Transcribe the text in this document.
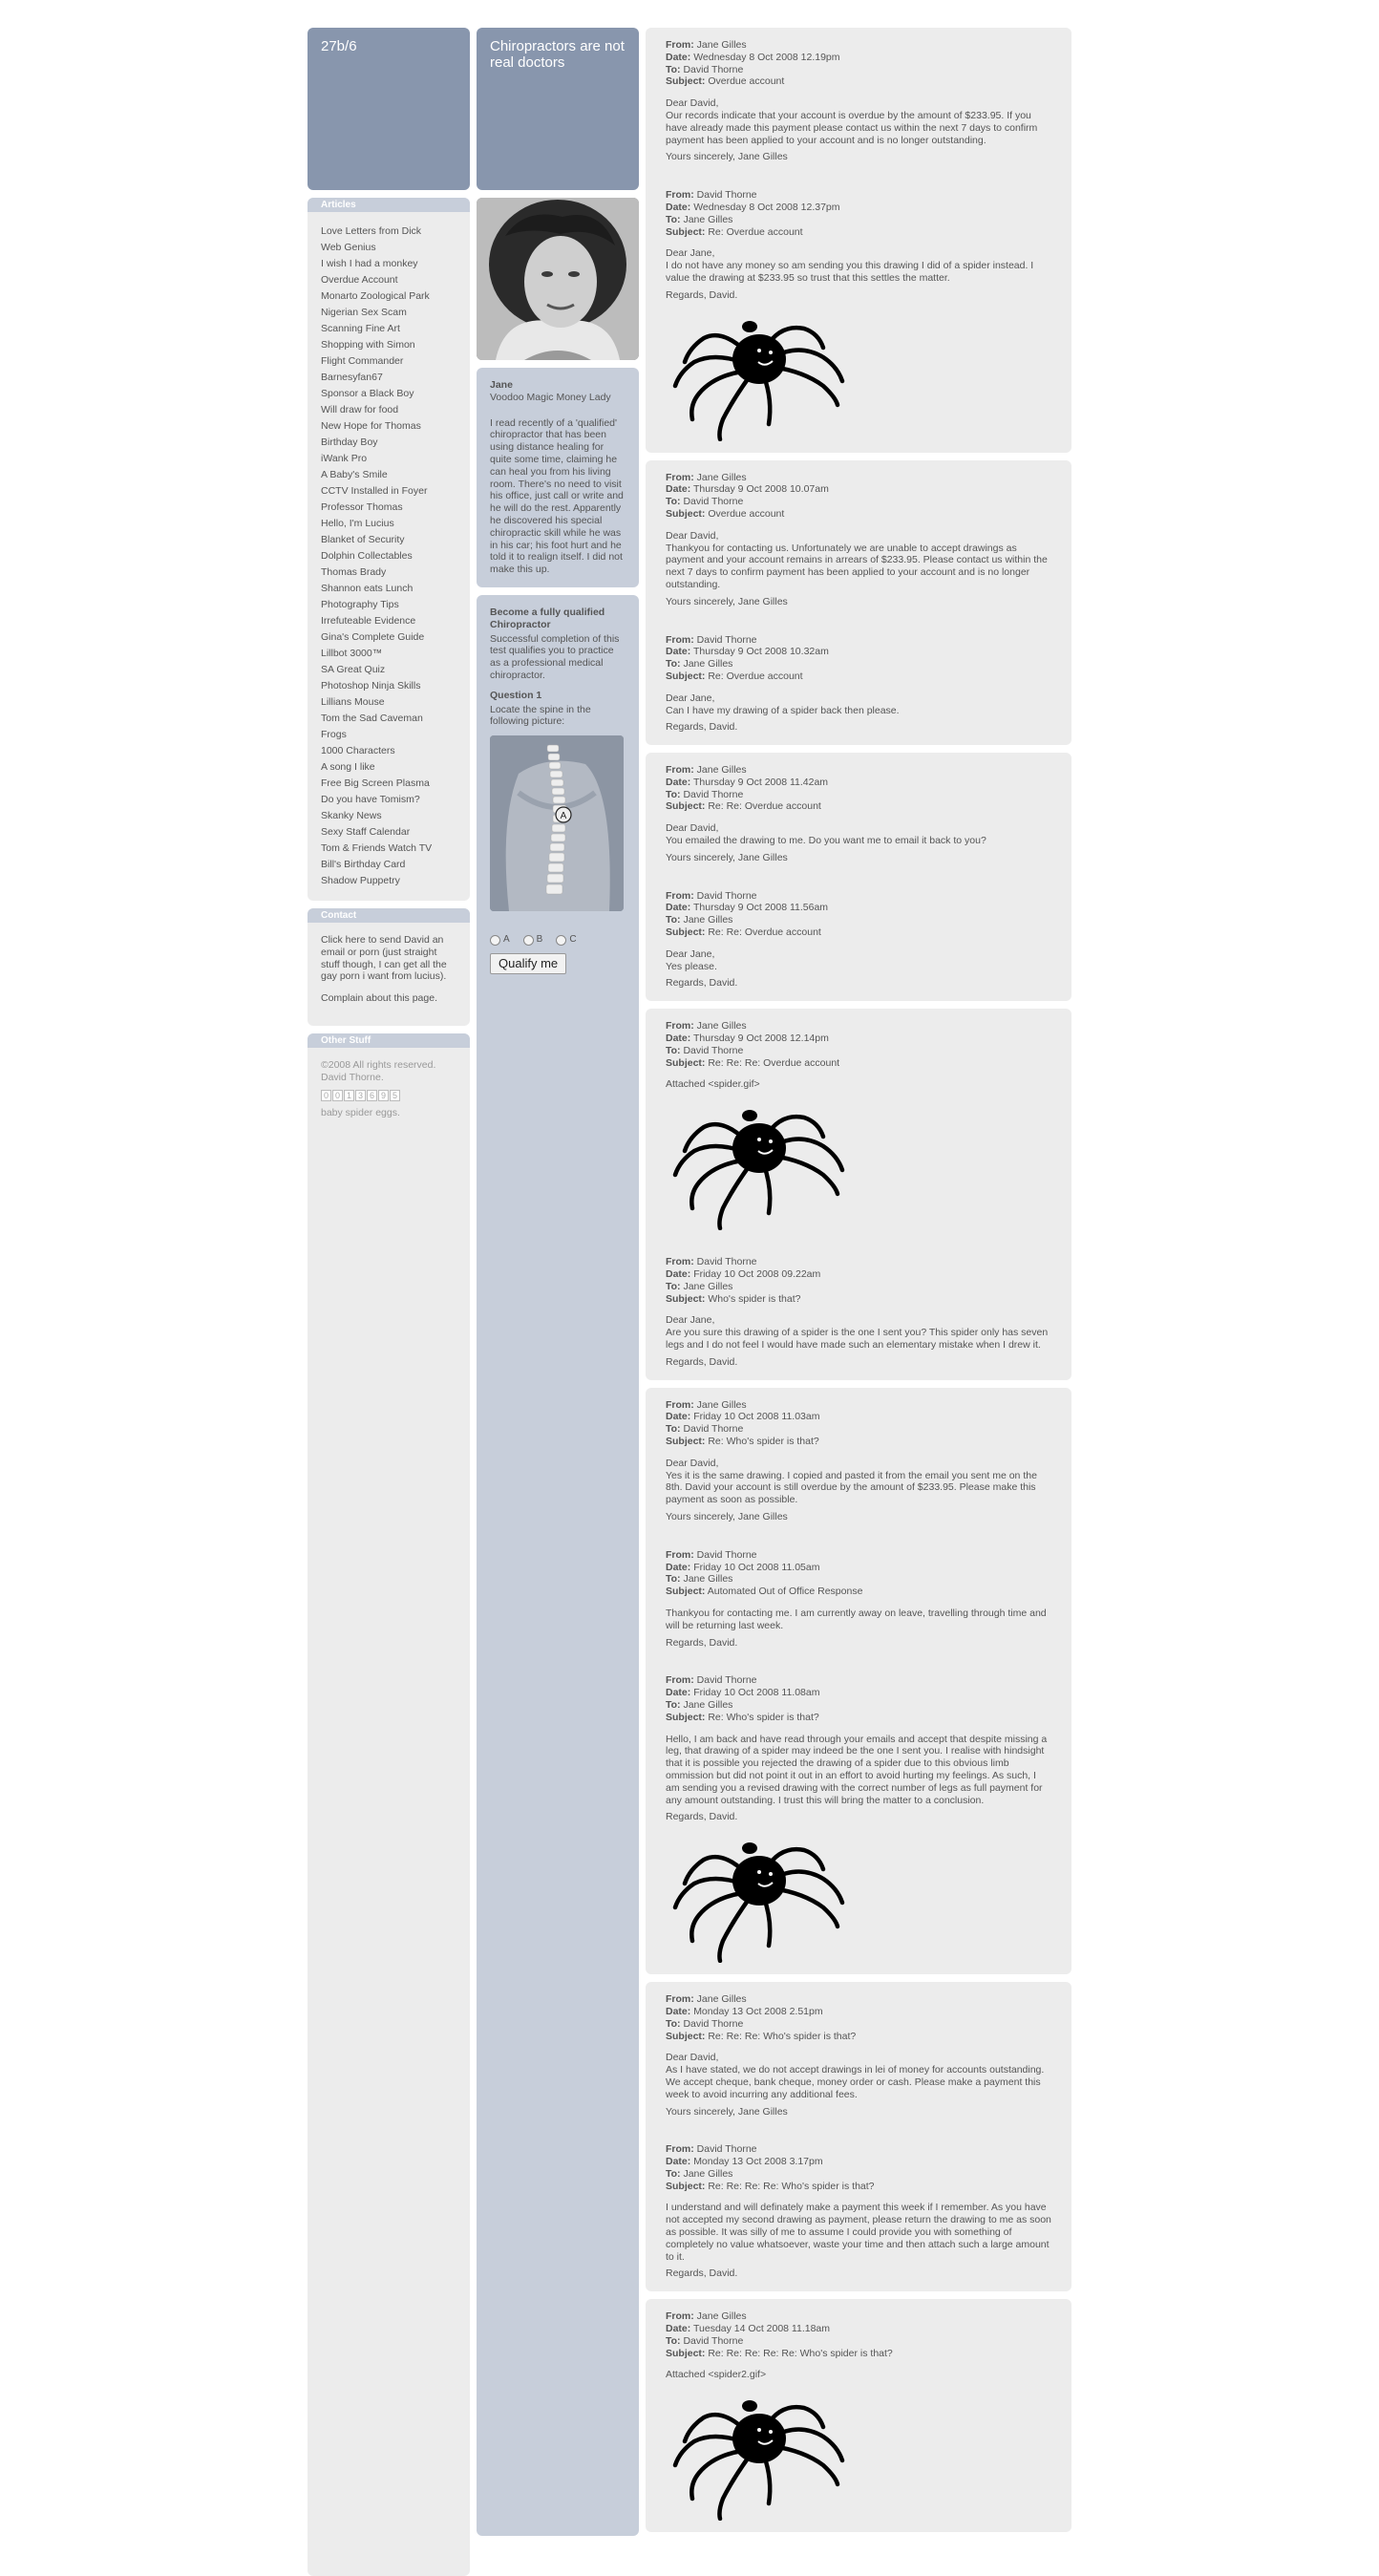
27b/6
Articles
Love Letters from Dick
Web Genius
I wish I had a monkey
Overdue Account
Monarto Zoological Park
Nigerian Sex Scam
Scanning Fine Art
Shopping with Simon
Flight Commander
Barnesyfan67
Sponsor a Black Boy
Will draw for food
New Hope for Thomas
Birthday Boy
iWank Pro
A Baby's Smile
CCTV Installed in Foyer
Professor Thomas
Hello, I'm Lucius
Blanket of Security
Dolphin Collectables
Thomas Brady
Shannon eats Lunch
Photography Tips
Irrefuteable Evidence
Gina's Complete Guide
Lillbot 3000™
SA Great Quiz
Photoshop Ninja Skills
Lillians Mouse
Tom the Sad Caveman
Frogs
1000 Characters
A song I like
Free Big Screen Plasma
Do you have Tomism?
Skanky News
Sexy Staff Calendar
Tom & Friends Watch TV
Bill's Birthday Card
Shadow Puppetry
Contact

Click here to send David an email or porn (just straight stuff though, I can get all the gay porn i want from lucius).

Complain about this page.

Other Stuff
©2008 All rights reserved. David Thorne.
0 0 1 3 6 9 5
baby spider eggs.
Chiropractors are not real doctors
Jane
Voodoo Magic Money Lady

I read recently of a 'qualified' chiropractor that has been using distance healing for quite some time, claiming he can heal you from his living room. There's no need to visit his office, just call or write and he will do the rest. Apparently he discovered his special chiropractic skill while he was in his car; his foot hurt and he told it to realign itself. I did not make this up.

Become a fully qualified Chiropractor

Successful completion of this test qualifies you to practice as a professional medical chiropractor.

Question 1

Locate the spine in the following picture:

A
A	B	C
Qualify me
From: Jane Gilles
Date: Wednesday 8 Oct 2008 12.19pm
To: David Thorne
Subject: Overdue account
Dear David,

Our records indicate that your account is overdue by the amount of $233.95. If you have already made this payment please contact us within the next 7 days to confirm payment has been applied to your account and is no longer outstanding.

Yours sincerely, Jane Gilles
From: David Thorne
Date: Wednesday 8 Oct 2008 12.37pm
To: Jane Gilles
Subject: Re: Overdue account
Dear Jane,

I do not have any money so am sending you this drawing I did of a spider instead. I value the drawing at $233.95 so trust that this settles the matter.

Regards, David.
From: Jane Gilles
Date: Thursday 9 Oct 2008 10.07am
To: David Thorne
Subject: Overdue account
Dear David,

Thankyou for contacting us. Unfortunately we are unable to accept drawings as payment and your account remains in arrears of $233.95. Please contact us within the next 7 days to confirm payment has been applied to your account and is no longer outstanding.

Yours sincerely, Jane Gilles
From: David Thorne
Date: Thursday 9 Oct 2008 10.32am
To: Jane Gilles
Subject: Re: Overdue account
Dear Jane,

Can I have my drawing of a spider back then please.

Regards, David.
From: Jane Gilles
Date: Thursday 9 Oct 2008 11.42am
To: David Thorne
Subject: Re: Re: Overdue account
Dear David,

You emailed the drawing to me. Do you want me to email it back to you?

Yours sincerely, Jane Gilles
From: David Thorne
Date: Thursday 9 Oct 2008 11.56am
To: Jane Gilles
Subject: Re: Re: Overdue account
Dear Jane,

Yes please.

Regards, David.
From: Jane Gilles
Date: Thursday 9 Oct 2008 12.14pm
To: David Thorne
Subject: Re: Re: Re: Overdue account

Attached <spider.gif>

From: David Thorne
Date: Friday 10 Oct 2008 09.22am
To: Jane Gilles
Subject: Who's spider is that?
Dear Jane,

Are you sure this drawing of a spider is the one I sent you? This spider only has seven legs and I do not feel I would have made such an elementary mistake when I drew it.

Regards, David.
From: Jane Gilles
Date: Friday 10 Oct 2008 11.03am
To: David Thorne
Subject: Re: Who's spider is that?
Dear David,

Yes it is the same drawing. I copied and pasted it from the email you sent me on the 8th. David your account is still overdue by the amount of $233.95. Please make this payment as soon as possible.

Yours sincerely, Jane Gilles
From: David Thorne
Date: Friday 10 Oct 2008 11.05am
To: Jane Gilles
Subject: Automated Out of Office Response

Thankyou for contacting me. I am currently away on leave, travelling through time and will be returning last week.

Regards, David.
From: David Thorne
Date: Friday 10 Oct 2008 11.08am
To: Jane Gilles
Subject: Re: Who's spider is that?

Hello, I am back and have read through your emails and accept that despite missing a leg, that drawing of a spider may indeed be the one I sent you. I realise with hindsight that it is possible you rejected the drawing of a spider due to this obvious limb ommission but did not point it out in an effort to avoid hurting my feelings. As such, I am sending you a revised drawing with the correct number of legs as full payment for any amount outstanding. I trust this will bring the matter to a conclusion.

Regards, David.
From: Jane Gilles
Date: Monday 13 Oct 2008 2.51pm
To: David Thorne
Subject: Re: Re: Re: Who's spider is that?
Dear David,

As I have stated, we do not accept drawings in lei of money for accounts outstanding. We accept cheque, bank cheque, money order or cash. Please make a payment this week to avoid incurring any additional fees.

Yours sincerely, Jane Gilles
From: David Thorne
Date: Monday 13 Oct 2008 3.17pm
To: Jane Gilles
Subject: Re: Re: Re: Re: Who's spider is that?

I understand and will definately make a payment this week if I remember. As you have not accepted my second drawing as payment, please return the drawing to me as soon as possible. It was silly of me to assume I could provide you with something of completely no value whatsoever, waste your time and then attach such a large amount to it.

Regards, David.
From: Jane Gilles
Date: Tuesday 14 Oct 2008 11.18am
To: David Thorne
Subject: Re: Re: Re: Re: Re: Who's spider is that?

Attached <spider2.gif>
